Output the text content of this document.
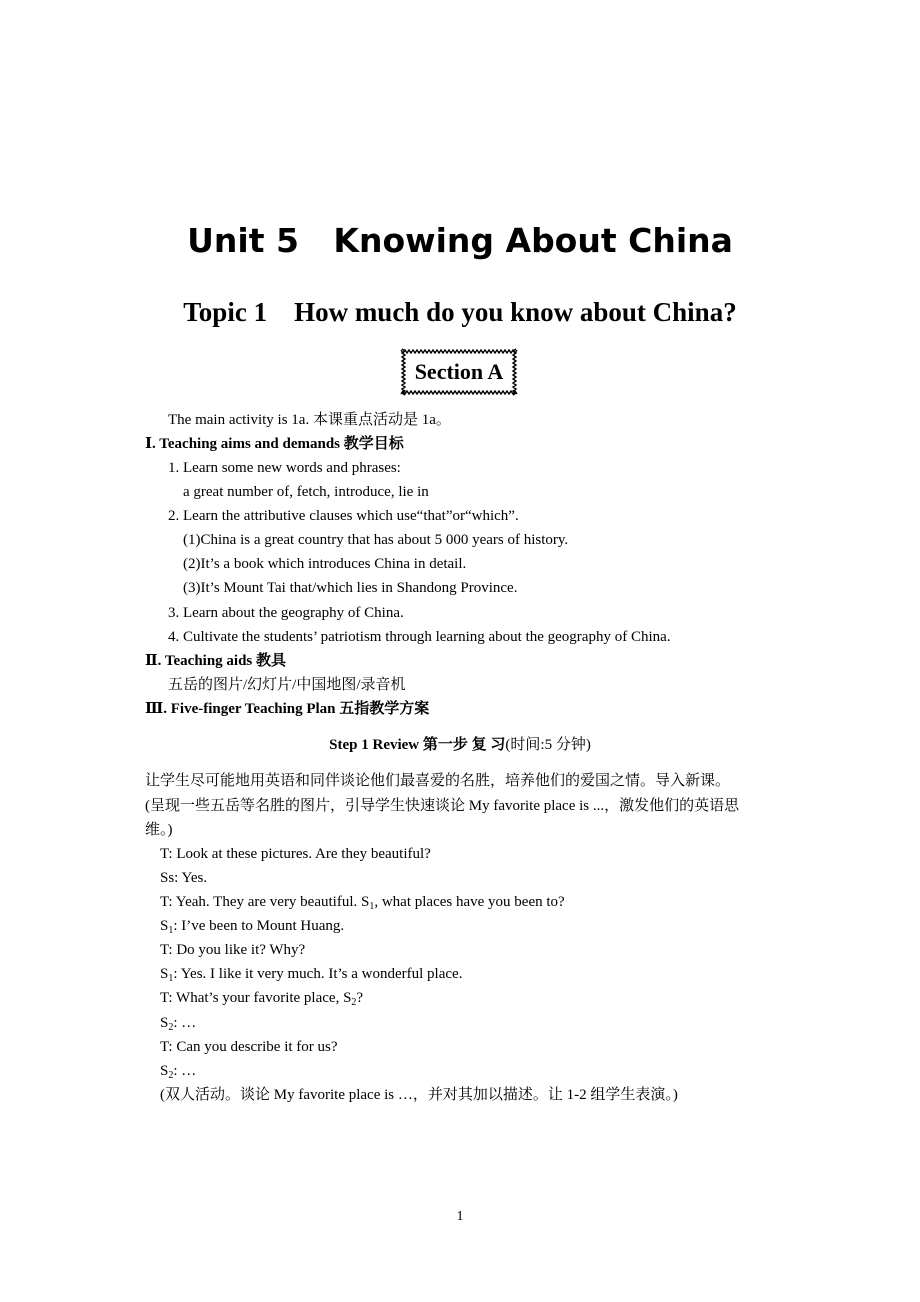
Unit 5   Knowing About China
Topic 1    How much do you know about China?
Section A
The main activity is 1a. 本课重点活动是 1a。
Ⅰ. Teaching aims and demands 教学目标
1. Learn some new words and phrases:
a great number of, fetch, introduce, lie in
2. Learn the attributive clauses which use“that”or“which”.
(1)China is a great country that has about 5 000 years of history.
(2)It’s a book which introduces China in detail.
(3)It’s Mount Tai that/which lies in Shandong Province.
3. Learn about the geography of China.
4. Cultivate the students’ patriotism through learning about the geography of China.
Ⅱ. Teaching aids 教具
五岳的图片/幻灯片/中国地图/录音机
Ⅲ. Five-finger Teaching Plan 五指教学方案
Step 1 Review 第一步 复 习(时间:5 分钟)
让学生尽可能地用英语和同伴谈论他们最喜爱的名胜，培养他们的爱国之情。导入新课。
(呈现一些五岳等名胜的图片，引导学生快速谈论 My favorite place is ...，激发他们的英语思
维。)
T: Look at these pictures. Are they beautiful?
Ss: Yes.
T: Yeah. They are very beautiful. $S_1$, what places have you been to?
$S_1$: I’ve been to Mount Huang.
T: Do you like it? Why?
$S_1$: Yes. I like it very much. It’s a wonderful place.
T: What’s your favorite place, $S_2$?
$S_2$: …
T: Can you describe it for us?
$S_2$: …
(双人活动。谈论 My favorite place is …，并对其加以描述。让 1-2 组学生表演。)
1
